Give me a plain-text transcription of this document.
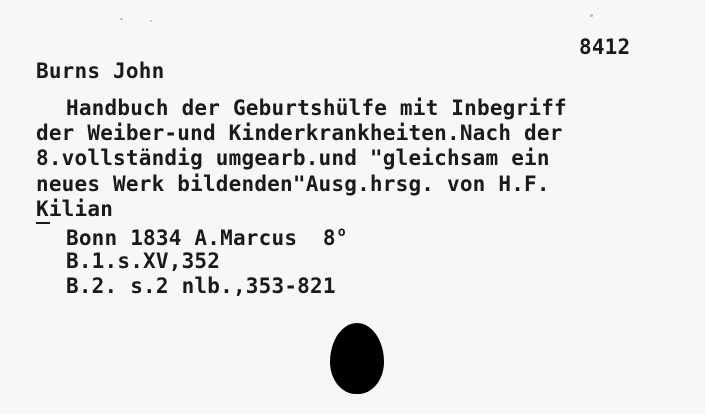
8412
Burns John
Handbuch der Geburtshülfe mit Inbegriff
der Weiber-und Kinderkrankheiten.Nach der
8.vollständig umgearb.und "gleichsam ein
neues Werk bildenden"Ausg.hrsg. von H.F.
Kilian
Bonn 1834 A.Marcus  8 $^o$
B.1.s.XV,352
B.2. s.2 nlb.,353-821
